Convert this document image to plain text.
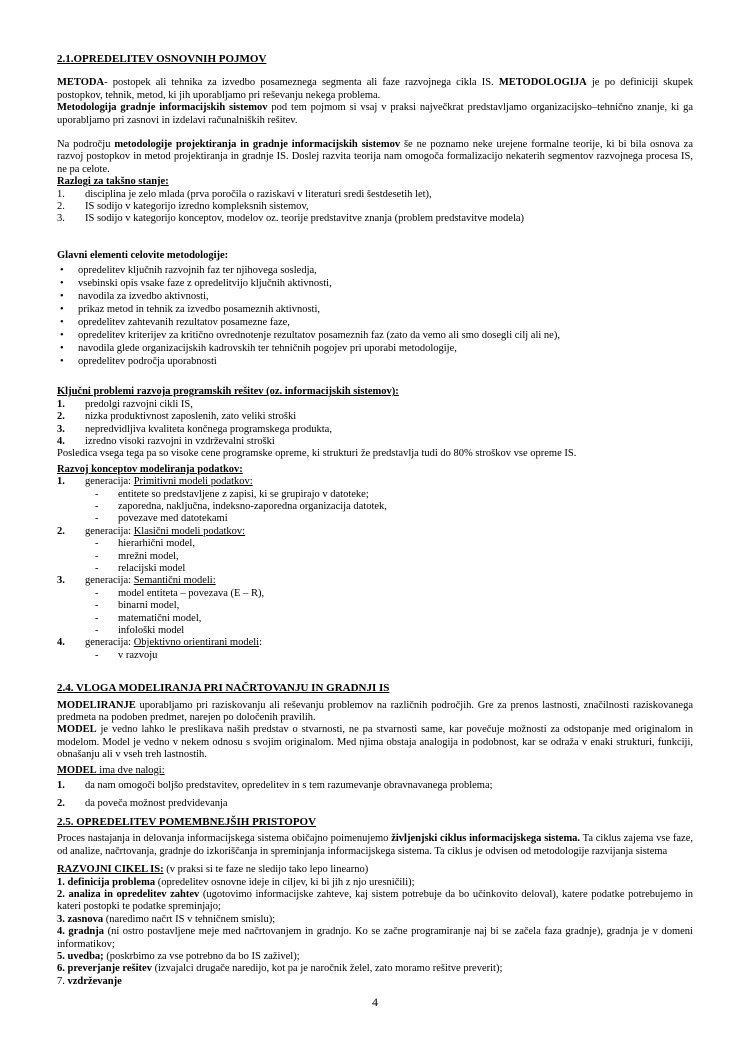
2.1.OPREDELITEV OSNOVNIH POJMOV

METODA- postopek ali tehnika za izvedbo posameznega segmenta ali faze razvojnega cikla IS. METODOLOGIJA je po definiciji skupek postopkov, tehnik, metod, ki jih uporabljamo pri reševanju nekega problema.

Metodologija gradnje informacijskih sistemov pod tem pojmom si vsaj v praksi največkrat predstavljamo organizacijsko–tehnično znanje, ki ga uporabljamo pri zasnovi in izdelavi računalniških rešitev.

Na področju metodologije projektiranja in gradnje informacijskih sistemov še ne poznamo neke urejene formalne teorije, ki bi bila osnova za razvoj postopkov in metod projektiranja in gradnje IS. Doslej razvita teorija nam omogoča formalizacijo nekaterih segmentov razvojnega procesa IS, ne pa celote.

Razlogi za takšno stanje:
1.	disciplina je zelo mlada (prva poročila o raziskavi v literaturi sredi šestdesetih let),
2.	IS sodijo v kategorijo izredno kompleksnih sistemov,
3.	IS sodijo v kategorijo konceptov, modelov oz. teorije predstavitve znanja (problem predstavitve modela)
Glavni elementi celovite metodologije:
•	opredelitev ključnih razvojnih faz ter njihovega sosledja,
•	vsebinski opis vsake faze z opredelitvijo ključnih aktivnosti,
•	navodila za izvedbo aktivnosti,
•	prikaz metod in tehnik za izvedbo posameznih aktivnosti,
•	opredelitev zahtevanih rezultatov posamezne faze,
•	opredelitev kriterijev za kritično ovrednotenje rezultatov posameznih faz (zato da vemo ali smo dosegli cilj ali ne),
•	navodila glede organizacijskih kadrovskih ter tehničnih pogojev pri uporabi metodologije,
•	opredelitev področja uporabnosti
Ključni problemi razvoja programskih rešitev (oz. informacijskih sistemov):
1.	predolgi razvojni cikli IS,
2.	nizka produktivnost zaposlenih, zato veliki stroški
3.	nepredvidljiva kvaliteta končnega programskega produkta,
4.	izredno visoki razvojni in vzdrževalni stroški

Posledica vsega tega pa so visoke cene programske opreme, ki strukturi že predstavlja tudi do 80% stroškov vse opreme IS.

Razvoj konceptov modeliranja podatkov:
1.	generacija: Primitivni modeli podatkov:
-	entitete so predstavljene z zapisi, ki se grupirajo v datoteke;
-	zaporedna, naključna, indeksno-zaporedna organizacija datotek,
-	povezave med datotekami
2.	generacija: Klasični modeli podatkov:
-	hierarhični model,
-	mrežni model,
-	relacijski model
3.	generacija: Semantični modeli:
-	model entiteta – povezava (E – R),
-	binarni model,
-	matematični model,
-	infološki model
4.	generacija: Objektivno orientirani modeli:
-	v razvoju
2.4. VLOGA MODELIRANJA PRI NAČRTOVANJU IN GRADNJI IS

MODELIRANJE uporabljamo pri raziskovanju ali reševanju problemov na različnih področjih. Gre za prenos lastnosti, značilnosti raziskovanega predmeta na podoben predmet, narejen po določenih pravilih.

MODEL je vedno lahko le preslikava naših predstav o stvarnosti, ne pa stvarnosti same, kar povečuje možnosti za odstopanje med originalom in modelom. Model je vedno v nekem odnosu s svojim originalom. Med njima obstaja analogija in podobnost, kar se odraža v enaki strukturi, funkciji, obnašanju ali v vseh treh lastnostih.

MODEL ima dve nalogi:
1.	da nam omogoči boljšo predstavitev, opredelitev in s tem razumevanje obravnavanega problema;
2.	da poveča možnost predvidevanja
2.5. OPREDELITEV POMEMBNEJŠIH PRISTOPOV

Proces nastajanja in delovanja informacijskega sistema običajno poimenujemo življenjski ciklus informacijskega sistema. Ta ciklus zajema vse faze, od analize, načrtovanja, gradnje do izkoriščanja in spreminjanja informacijskega sistema. Ta ciklus je odvisen od metodologije razvijanja sistema

RAZVOJNI CIKEL IS: (v praksi si te faze ne sledijo tako lepo linearno)

1. definicija problema (opredelitev osnovne ideje in ciljev, ki bi jih z njo uresničili);

2. analiza in opredelitev zahtev (ugotovimo informacijske zahteve, kaj sistem potrebuje da bo učinkovito deloval), katere podatke potrebujemo in kateri postopki te podatke spreminjajo;

3. zasnova (naredimo načrt IS v tehničnem smislu);

4. gradnja (ni ostro postavljene meje med načrtovanjem in gradnjo. Ko se začne programiranje naj bi se začela faza gradnje), gradnja je v domeni informatikov;

5. uvedba; (poskrbimo za vse potrebno da bo IS zaživel);

6. preverjanje rešitev (izvajalci drugače naredijo, kot pa je naročnik želel, zato moramo rešitve preverit);

7. vzdrževanje

4
